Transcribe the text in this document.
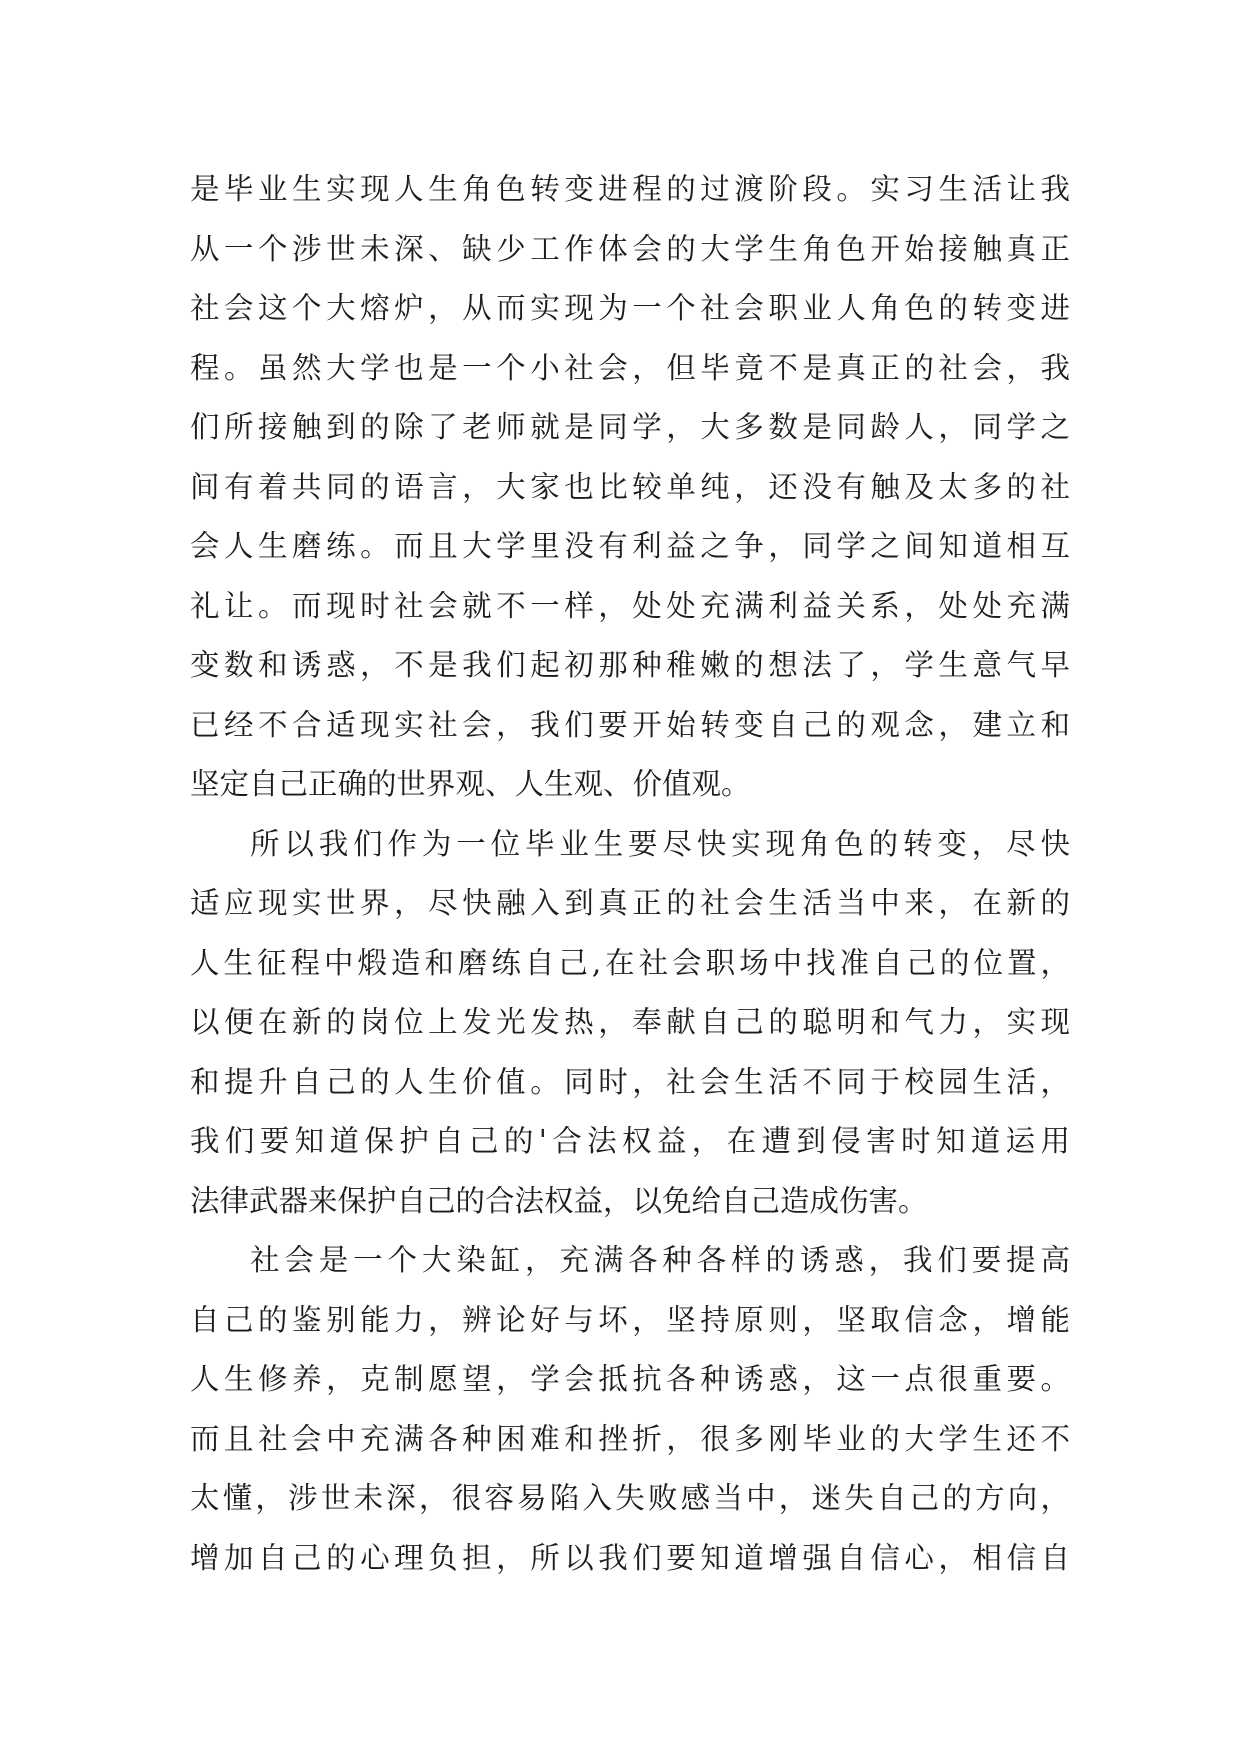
是毕业生实现人生角色转变进程的过渡阶段。实习生活让我
从一个涉世未深、缺少工作体会的大学生角色开始接触真正
社会这个大熔炉，从而实现为一个社会职业人角色的转变进
程。虽然大学也是一个小社会，但毕竟不是真正的社会，我
们所接触到的除了老师就是同学，大多数是同龄人，同学之
间有着共同的语言，大家也比较单纯，还没有触及太多的社
会人生磨练。而且大学里没有利益之争，同学之间知道相互
礼让。而现时社会就不一样，处处充满利益关系，处处充满
变数和诱惑，不是我们起初那种稚嫩的想法了，学生意气早
已经不合适现实社会，我们要开始转变自己的观念，建立和
坚定自己正确的世界观、人生观、价值观。
所以我们作为一位毕业生要尽快实现角色的转变，尽快
适应现实世界，尽快融入到真正的社会生活当中来，在新的
人生征程中煅造和磨练自己,在社会职场中找准自己的位置，
以便在新的岗位上发光发热，奉献自己的聪明和气力，实现
和提升自己的人生价值。同时，社会生活不同于校园生活，
我们要知道保护自己的'合法权益，在遭到侵害时知道运用
法律武器来保护自己的合法权益，以免给自己造成伤害。
社会是一个大染缸，充满各种各样的诱惑，我们要提高
自己的鉴别能力，辨论好与坏，坚持原则，坚取信念，增能
人生修养，克制愿望，学会抵抗各种诱惑，这一点很重要。
而且社会中充满各种困难和挫折，很多刚毕业的大学生还不
太懂，涉世未深，很容易陷入失败感当中，迷失自己的方向，
增加自己的心理负担，所以我们要知道增强自信心，相信自
